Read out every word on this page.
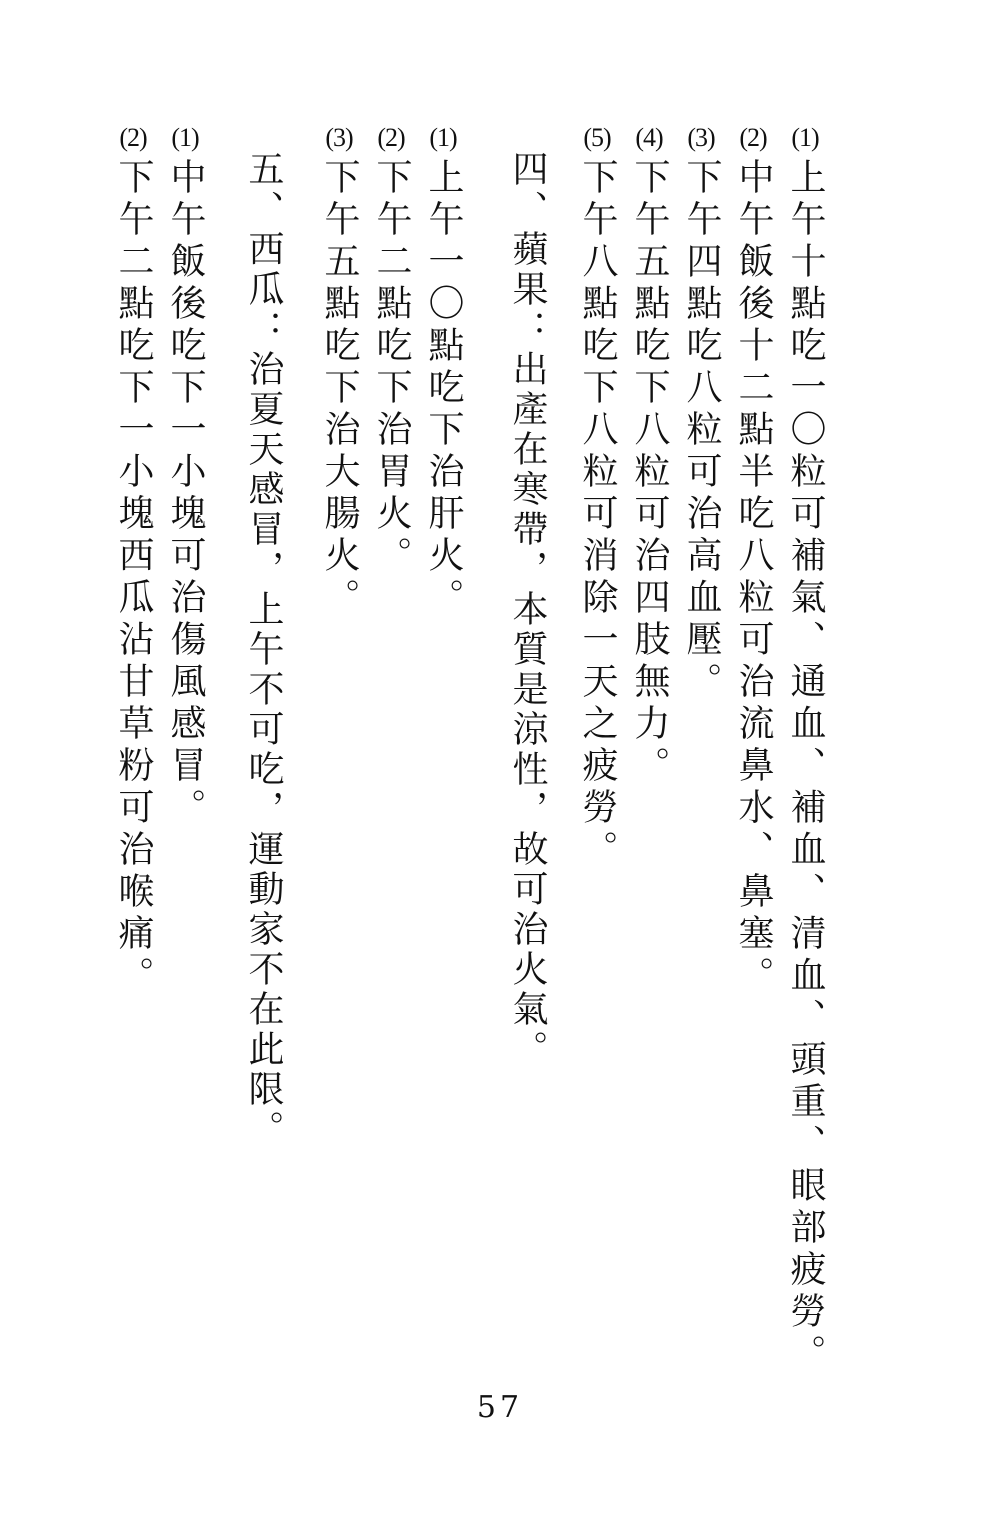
(1)
上午十點吃一〇粒可補氣、通血、補血、清血、頭重、眼部疲勞。
(2)
中午飯後十二點半吃八粒可治流鼻水、鼻塞。
(3)
下午四點吃八粒可治高血壓。
(4)
下午五點吃下八粒可治四肢無力。
(5)
下午八點吃下八粒可消除一天之疲勞。
四、蘋果：出產在寒帶，本質是涼性，故可治火氣。
(1)
上午一〇點吃下治肝火。
(2)
下午二點吃下治胃火。
(3)
下午五點吃下治大腸火。
五、西瓜：治夏天感冒，上午不可吃，運動家不在此限。
(1)
中午飯後吃下一小塊可治傷風感冒。
(2)
下午二點吃下一小塊西瓜沾甘草粉可治喉痛。
57
